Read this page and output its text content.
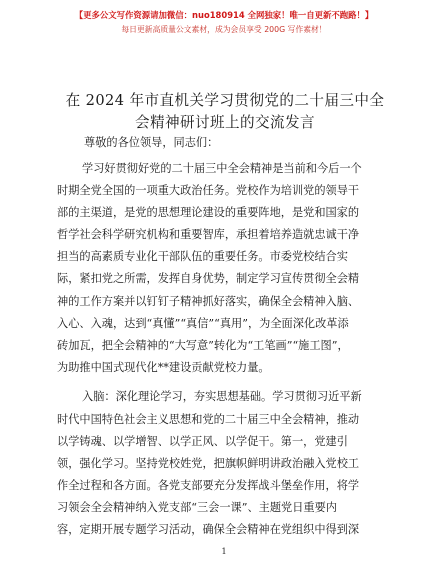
【更多公文写作资源请加微信：nuo180914 全网独家！唯一自更新不跑路！】
每日更新高质量公文素材，成为会员享受 200G 写作素材！
在 2024 年市直机关学习贯彻党的二十届三中全
会精神研讨班上的交流发言
尊敬的各位领导，同志们：
学习好贯彻好党的二十届三中全会精神是当前和今后一个
时期全党全国的一项重大政治任务。党校作为培训党的领导干
部的主渠道，是党的思想理论建设的重要阵地，是党和国家的
哲学社会科学研究机构和重要智库，承担着培养造就忠诚干净
担当的高素质专业化干部队伍的重要任务。市委党校结合实
际，紧扣党之所需，发挥自身优势，制定学习宣传贯彻全会精
神的工作方案并以钉钉子精神抓好落实，确保全会精神入脑、
入心、入魂，达到“真懂”“真信”“真用”，为全面深化改革添
砖加瓦，把全会精神的“大写意”转化为“工笔画”“施工图”，
为助推中国式现代化**建设贡献党校力量。
入脑：深化理论学习，夯实思想基础。学习贯彻习近平新
时代中国特色社会主义思想和党的二十届三中全会精神，推动
以学铸魂、以学增智、以学正风、以学促干。第一，党建引
领，强化学习。坚持党校姓党，把旗帜鲜明讲政治融入党校工
作全过程和各方面。各党支部要充分发挥战斗堡垒作用，将学
习领会全会精神纳入党支部“三会一课”、主题党日重要内
容，定期开展专题学习活动，确保全会精神在党组织中得到深
1
